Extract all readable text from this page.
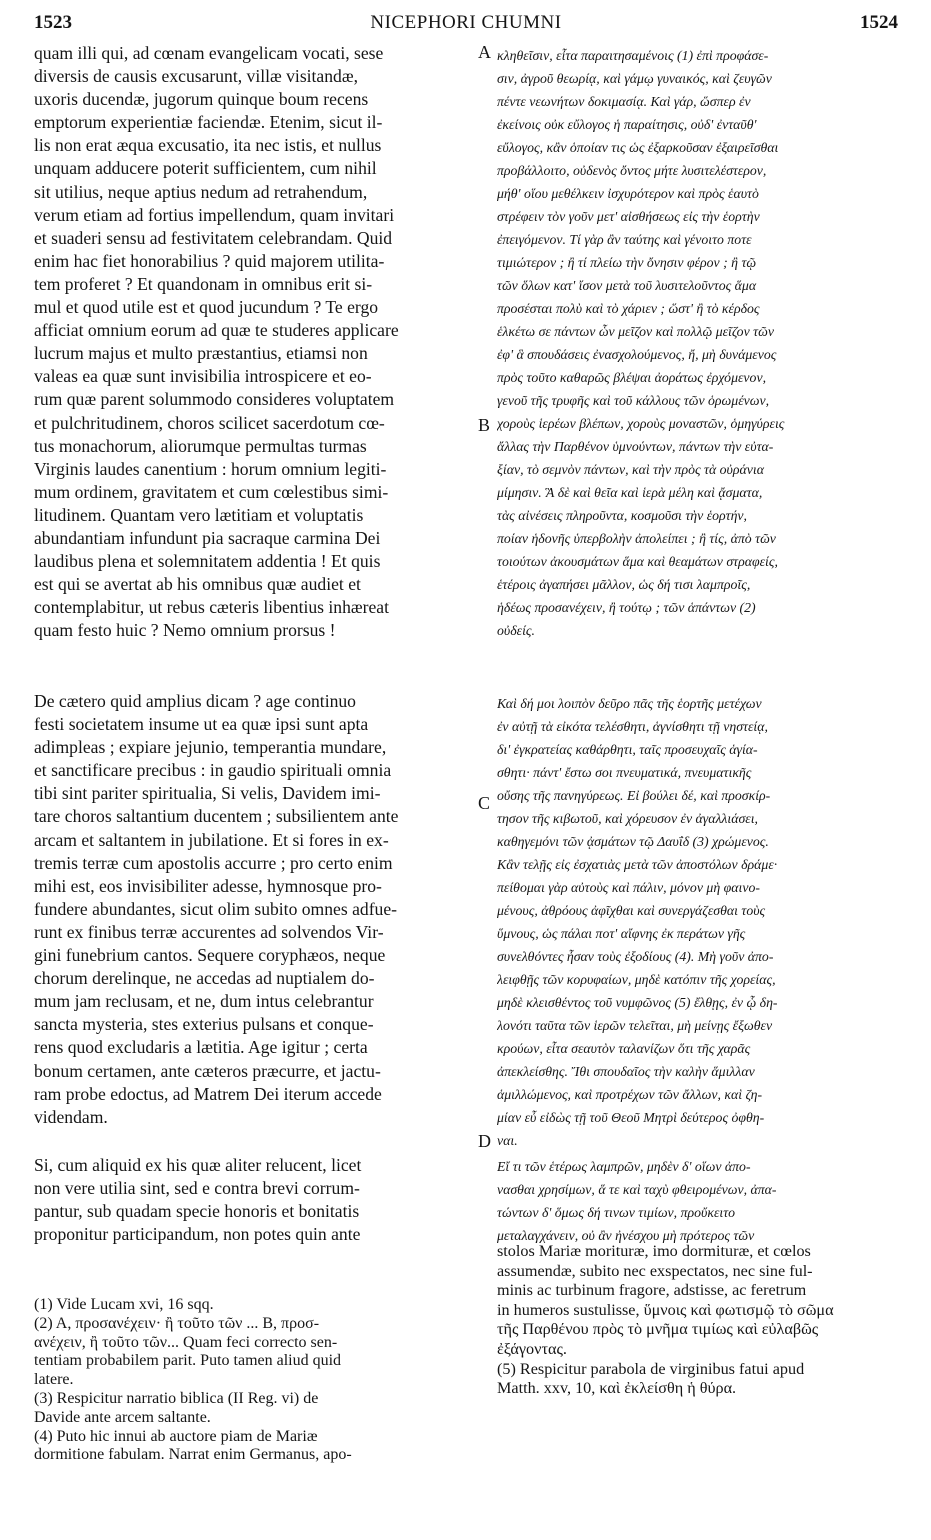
1523	NICEPHORI CHUMNI	1524
quam illi qui, ad cœnam evangelicam vocati, sese
diversis de causis excusarunt, villæ visitandæ,
uxoris ducendæ, jugorum quinque boum recens
emptorum experientiæ faciendæ. Etenim, sicut il-
lis non erat æqua excusatio, ita nec istis, et nullus
unquam adducere poterit sufficientem, cum nihil
sit utilius, neque aptius nedum ad retrahendum,
verum etiam ad fortius impellendum, quam invitari
et suaderi sensu ad festivitatem celebrandam. Quid
enim hac fiet honorabilius ? quid majorem utilita-
tem proferet ? Et quandonam in omnibus erit si-
mul et quod utile est et quod jucundum ? Te ergo
afficiat omnium eorum ad quæ te studeres applicare
lucrum majus et multo præstantius, etiamsi non
valeas ea quæ sunt invisibilia introspicere et eo-
rum quæ parent solummodo consideres voluptatem
et pulchritudinem, choros scilicet sacerdotum cœ-
tus monachorum, aliorumque permultas turmas
Virginis laudes canentium : horum omnium legiti-
mum ordinem, gravitatem et cum cœlestibus simi-
litudinem. Quantam vero lætitiam et voluptatis
abundantiam infundunt pia sacraque carmina Dei
laudibus plena et solemnitatem addentia ! Et quis
est qui se avertat ab his omnibus quæ audiet et
contemplabitur, ut rebus cæteris libentius inhæreat
quam festo huic ? Nemo omnium prorsus !
De cætero quid amplius dicam ? age continuo
festi societatem insume ut ea quæ ipsi sunt apta
adimpleas ; expiare jejunio, temperantia mundare,
et sanctificare precibus : in gaudio spirituali omnia
tibi sint pariter spiritualia, Si velis, Davidem imi-
tare choros saltantium ducentem ; subsilientem ante
arcam et saltantem in jubilatione. Et si fores in ex-
tremis terræ cum apostolis accurre ; pro certo enim
mihi est, eos invisibiliter adesse, hymnosque pro-
fundere abundantes, sicut olim subito omnes adfue-
runt ex finibus terræ accurentes ad solvendos Vir-
gini funebrium cantos. Sequere coryphæos, neque
chorum derelinque, ne accedas ad nuptialem do-
mum jam reclusam, et ne, dum intus celebrantur
sancta mysteria, stes exterius pulsans et conque-
rens quod excludaris a lætitia. Age igitur ; certa
bonum certamen, ante cæteros præcurre, et jactu-
ram probe edoctus, ad Matrem Dei iterum accede
videndam.
Si, cum aliquid ex his quæ aliter relucent, licet
non vere utilia sint, sed e contra brevi corrum-
pantur, sub quadam specie honoris et bonitatis
proponitur participandum, non potes quin ante
κληθεῖσιν, εἶτα παραιτησαμένοις (1) ἐπὶ προφάσε-
σιν, ἀγροῦ θεωρίᾳ, καὶ γάμῳ γυναικός, καὶ ζευγῶν
πέντε νεωνήτων δοκιμασίᾳ. Καὶ γάρ, ὥσπερ ἐν
ἐκείνοις οὐκ εὔλογος ἡ παραίτησις, οὐδ' ἐνταῦθ'
εὔλογος, κἂν ὁποίαν τις ὡς ἐξαρκοῦσαν ἐξαιρεῖσθαι
προβάλλοιτο, οὐδενὸς ὄντος μήτε λυσιτελέστερον,
μήθ' οἵου μεθέλκειν ἰσχυρότερον καὶ πρὸς ἑαυτὸ
στρέφειν τὸν γοῦν μετ' αἰσθήσεως εἰς τὴν ἑορτὴν
ἐπειγόμενον. Τί γὰρ ἂν ταύτης καὶ γένοιτο ποτε
τιμιώτερον ; ἢ τί πλείω τὴν ὄνησιν φέρον ; ἢ τῷ
τῶν ὅλων κατ' ἴσον μετὰ τοῦ λυσιτελοῦντος ἅμα
προσέσται πολὺ καὶ τὸ χάριεν ; ὥστ' ἢ τὸ κέρδος
ἑλκέτω σε πάντων ὧν μεῖζον καὶ πολλῷ μεῖζον τῶν
ἐφ' ἃ σπουδάσεις ἐνασχολούμενος, ἤ, μὴ δυνάμενος
πρὸς τοῦτο καθαρῶς βλέψαι ἀοράτως ἐρχόμενον,
γενοῦ τῆς τρυφῆς καὶ τοῦ κάλλους τῶν ὁρωμένων,
χοροὺς ἱερέων βλέπων, χοροὺς μοναστῶν, ὁμηγύρεις
ἄλλας τὴν Παρθένον ὑμνούντων, πάντων τὴν εὐτα-
ξίαν, τὸ σεμνὸν πάντων, καὶ τὴν πρὸς τὰ οὐράνια
μίμησιν. Ἃ δὲ καὶ θεῖα καὶ ἱερὰ μέλη καὶ ᾄσματα,
τὰς αἰνέσεις πληροῦντα, κοσμοῦσι τὴν ἑορτήν,
ποίαν ἡδονῆς ὑπερβολὴν ἀπολείπει ; ἢ τίς, ἀπὸ τῶν
τοιούτων ἀκουσμάτων ἅμα καὶ θεαμάτων στραφείς,
ἑτέροις ἀγαπήσει μᾶλλον, ὡς δή τισι λαμπροῖς,
ἡδέως προσανέχειν, ἢ τούτῳ ; τῶν ἁπάντων (2)
οὐδείς.
Καὶ δή μοι λοιπὸν δεῦρο πᾶς τῆς ἑορτῆς μετέχων
ἐν αὐτῇ τὰ εἰκότα τελέσθητι, ἁγνίσθητι τῇ νηστείᾳ,
δι' ἐγκρατείας καθάρθητι, ταῖς προσευχαῖς ἁγία-
σθητι· πάντ' ἔστω σοι πνευματικά, πνευματικῆς
οὔσης τῆς πανηγύρεως. Εἰ βούλει δέ, καὶ προσκίρ-
τησον τῆς κιβωτοῦ, καὶ χόρευσον ἐν ἀγαλλιάσει,
καθηγεμόνι τῶν ᾀσμάτων τῷ Δαυΐδ (3) χρώμενος.
Κἂν τελῇς εἰς ἐσχατιὰς μετὰ τῶν ἀποστόλων δράμε·
πείθομαι γὰρ αὐτοὺς καὶ πάλιν, μόνον μὴ φαινο-
μένους, ἀθρόους ἀφῖχθαι καὶ συνεργάζεσθαι τοὺς
ὕμνους, ὡς πάλαι ποτ' αἴφνης ἐκ περάτων γῆς
συνελθόντες ἦσαν τοὺς ἐξοδίους (4). Μὴ γοῦν ἀπο-
λειφθῇς τῶν κορυφαίων, μηδὲ κατόπιν τῆς χορείας,
μηδὲ κλεισθέντος τοῦ νυμφῶνος (5) ἔλθῃς, ἐν ᾧ δη-
λονότι ταῦτα τῶν ἱερῶν τελεῖται, μὴ μείνῃς ἔξωθεν
κρούων, εἶτα σεαυτὸν ταλανίζων ὅτι τῆς χαρᾶς
ἀπεκλείσθης. Ἴθι σπουδαῖος τὴν καλὴν ἅμιλλαν
ἁμιλλώμενος, καὶ προτρέχων τῶν ἄλλων, καὶ ζη-
μίαν εὖ εἰδὼς τῇ τοῦ Θεοῦ Μητρὶ δεύτερος ὀφθη-
ναι.
Εἴ τι τῶν ἑτέρως λαμπρῶν, μηδὲν δ' οἵων ἀπο-
νασθαι χρησίμων, ἅ τε καὶ ταχὺ φθειρομένων, ἀπα-
τώντων δ' ὅμως δή τινων τιμίων, προὔκειτο
μεταλαγχάνειν, οὐ ἂν ἠνέσχου μὴ πρότερος τῶν
A
B
C
D
(1) Vide Lucam xvi, 16 sqq.
(2) A, προσανέχειν· ἢ τοῦτο τῶν ... B, προσ-
ανέχειν, ἢ τοῦτο τῶν... Quam feci correcto sen-
tentiam probabilem parit. Puto tamen aliud quid
latere.
(3) Respicitur narratio biblica (II Reg. vi) de
Davide ante arcem saltante.
(4) Puto hic innui ab auctore piam de Mariæ
dormitione fabulam. Narrat enim Germanus, apo-
stolos Mariæ morituræ, imo dormituræ, et cœlos
assumendæ, subito nec exspectatos, nec sine ful-
minis ac turbinum fragore, adstisse, ac feretrum
in humeros sustulisse, ὕμνοις καὶ φωτισμῷ τὸ σῶμα
τῆς Παρθένου πρὸς τὸ μνῆμα τιμίως καὶ εὐλαβῶς
ἐξάγοντας.
(5) Respicitur parabola de virginibus fatui apud
Matth. xxv, 10, καὶ ἐκλείσθη ἡ θύρα.
